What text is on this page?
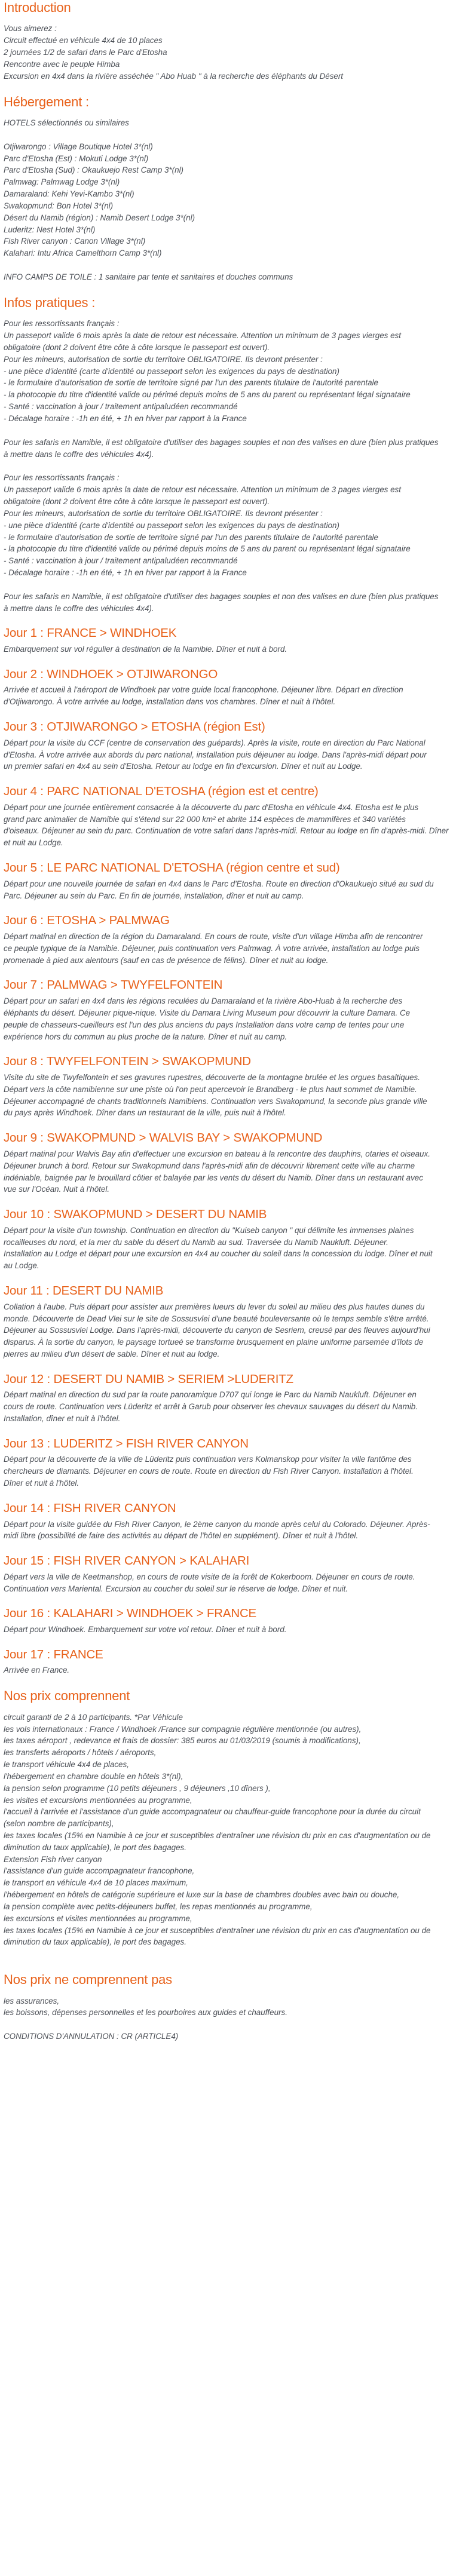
Introduction
Vous aimerez :
Circuit effectué en véhicule 4x4 de 10 places
2 journées 1/2 de safari dans le Parc d'Etosha
Rencontre avec le peuple Himba
Excursion en 4x4 dans la rivière asséchée " Abo Huab " à la recherche des éléphants du Désert
Hébergement :
HOTELS sélectionnés ou similaires
Otjiwarongo : Village Boutique Hotel 3*(nl)
Parc d'Etosha (Est) : Mokuti Lodge 3*(nl)
Parc d'Etosha (Sud) : Okaukuejo Rest Camp 3*(nl)
Palmwag: Palmwag Lodge 3*(nl)
Damaraland: Kehi Yevi-Kambo 3*(nl)
Swakopmund: Bon Hotel 3*(nl)
Désert du Namib (région) : Namib Desert Lodge 3*(nl)
Luderitz: Nest Hotel 3*(nl)
Fish River canyon : Canon Village 3*(nl)
Kalahari: Intu Africa Camelthorn Camp 3*(nl)
INFO CAMPS DE TOILE : 1 sanitaire par tente et sanitaires et douches communs
Infos pratiques :
Pour les ressortissants français :
Un passeport valide 6 mois après la date de retour est nécessaire. Attention un minimum de 3 pages vierges est
obligatoire (dont 2 doivent être côte à côte lorsque le passeport est ouvert).
Pour les mineurs, autorisation de sortie du territoire OBLIGATOIRE. Ils devront présenter :
- une pièce d'identité (carte d'identité ou passeport selon les exigences du pays de destination)
- le formulaire d'autorisation de sortie de territoire signé par l'un des parents titulaire de l'autorité parentale
- la photocopie du titre d'identité valide ou périmé depuis moins de 5 ans du parent ou représentant légal signataire
- Santé : vaccination à jour / traitement antipaludéen recommandé
- Décalage horaire : -1h en été, + 1h en hiver par rapport à la France
Pour les safaris en Namibie, il est obligatoire d'utiliser des bagages souples et non des valises en dure (bien plus pratiques
à mettre dans le coffre des véhicules 4x4).
Pour les ressortissants français :
Un passeport valide 6 mois après la date de retour est nécessaire. Attention un minimum de 3 pages vierges est
obligatoire (dont 2 doivent être côte à côte lorsque le passeport est ouvert).
Pour les mineurs, autorisation de sortie du territoire OBLIGATOIRE. Ils devront présenter :
- une pièce d'identité (carte d'identité ou passeport selon les exigences du pays de destination)
- le formulaire d'autorisation de sortie de territoire signé par l'un des parents titulaire de l'autorité parentale
- la photocopie du titre d'identité valide ou périmé depuis moins de 5 ans du parent ou représentant légal signataire
- Santé : vaccination à jour / traitement antipaludéen recommandé
- Décalage horaire : -1h en été, + 1h en hiver par rapport à la France
Pour les safaris en Namibie, il est obligatoire d'utiliser des bagages souples et non des valises en dure (bien plus pratiques
à mettre dans le coffre des véhicules 4x4).
Jour 1 : FRANCE > WINDHOEK
Embarquement sur vol régulier à destination de la Namibie. Dîner et nuit à bord.
Jour 2 : WINDHOEK > OTJIWARONGO
Arrivée et accueil à l'aéroport de Windhoek par votre guide local francophone. Déjeuner libre. Départ en direction
d'Otjiwarongo. À votre arrivée au lodge, installation dans vos chambres. Dîner et nuit à l'hôtel.
Jour 3 : OTJIWARONGO > ETOSHA (région Est)
Départ pour la visite du CCF (centre de conservation des guépards). Après la visite, route en direction du Parc National
d'Etosha. À votre arrivée aux abords du parc national, installation puis déjeuner au lodge. Dans l'après-midi départ pour
un premier safari en 4x4 au sein d'Etosha. Retour au lodge en fin d'excursion. Dîner et nuit au Lodge.
Jour 4 : PARC NATIONAL D'ETOSHA (région est et centre)
Départ pour une journée entièrement consacrée à la découverte du parc d'Etosha en véhicule 4x4. Etosha est le plus
grand parc animalier de Namibie qui s'étend sur 22 000 km² et abrite 114 espèces de mammifères et 340 variétés
d'oiseaux. Déjeuner au sein du parc. Continuation de votre safari dans l'après-midi. Retour au lodge en fin d'après-midi. Dîner et nuit au Lodge.
Jour 5 : LE PARC NATIONAL D'ETOSHA (région centre et sud)
Départ pour une nouvelle journée de safari en 4x4 dans le Parc d'Etosha. Route en direction d'Okaukuejo situé au sud du
Parc. Déjeuner au sein du Parc. En fin de journée, installation, dîner et nuit au camp.
Jour 6 : ETOSHA > PALMWAG
Départ matinal en direction de la région du Damaraland. En cours de route, visite d'un village Himba afin de rencontrer
ce peuple typique de la Namibie. Déjeuner, puis continuation vers Palmwag. À votre arrivée, installation au lodge puis
promenade à pied aux alentours (sauf en cas de présence de félins). Dîner et nuit au lodge.
Jour 7 : PALMWAG > TWYFELFONTEIN
Départ pour un safari en 4x4 dans les régions reculées du Damaraland et la rivière Abo-Huab à la recherche des
éléphants du désert. Déjeuner pique-nique. Visite du Damara Living Museum pour découvrir la culture Damara. Ce
peuple de chasseurs-cueilleurs est l'un des plus anciens du pays Installation dans votre camp de tentes pour une
expérience hors du commun au plus proche de la nature. Dîner et nuit au camp.
Jour 8 : TWYFELFONTEIN > SWAKOPMUND
Visite du site de Twyfelfontein et ses gravures rupestres, découverte de la montagne brulée et les orgues basaltiques.
Départ vers la côte namibienne sur une piste où l'on peut apercevoir le Brandberg - le plus haut sommet de Namibie.
Déjeuner accompagné de chants traditionnels Namibiens. Continuation vers Swakopmund, la seconde plus grande ville
du pays après Windhoek. Dîner dans un restaurant de la ville, puis nuit à l'hôtel.
Jour 9 : SWAKOPMUND > WALVIS BAY > SWAKOPMUND
Départ matinal pour Walvis Bay afin d'effectuer une excursion en bateau à la rencontre des dauphins, otaries et oiseaux.
Déjeuner brunch à bord. Retour sur Swakopmund dans l'après-midi afin de découvrir librement cette ville au charme
indéniable, baignée par le brouillard côtier et balayée par les vents du désert du Namib. Dîner dans un restaurant avec
vue sur l'Océan. Nuit à l'hôtel.
Jour 10 : SWAKOPMUND > DESERT DU NAMIB
Départ pour la visite d'un township. Continuation en direction du "Kuiseb canyon " qui délimite les immenses plaines
rocailleuses du nord, et la mer du sable du désert du Namib au sud. Traversée du Namib Naukluft. Déjeuner.
Installation au Lodge et départ pour une excursion en 4x4 au coucher du soleil dans la concession du lodge. Dîner et nuit
au Lodge.
Jour 11 : DESERT DU NAMIB
Collation à l'aube. Puis départ pour assister aux premières lueurs du lever du soleil au milieu des plus hautes dunes du
monde. Découverte de Dead Vlei sur le site de Sossusvlei d'une beauté bouleversante où le temps semble s'être arrêté.
Déjeuner au Sossusvlei Lodge. Dans l'après-midi, découverte du canyon de Sesriem, creusé par des fleuves aujourd'hui
disparus. À la sortie du canyon, le paysage tortueé se transforme brusquement en plaine uniforme parsemée d'îlots de
pierres au milieu d'un désert de sable. Dîner et nuit au lodge.
Jour 12 : DESERT DU NAMIB > SERIEM >LUDERITZ
Départ matinal en direction du sud par la route panoramique D707 qui longe le Parc du Namib Naukluft. Déjeuner en
cours de route. Continuation vers Lüderitz et arrêt à Garub pour observer les chevaux sauvages du désert du Namib.
Installation, dîner et nuit à l'hôtel.
Jour 13 : LUDERITZ > FISH RIVER CANYON
Départ pour la découverte de la ville de Lüderitz puis continuation vers Kolmanskop pour visiter la ville fantôme des
chercheurs de diamants. Déjeuner en cours de route. Route en direction du Fish River Canyon. Installation à l'hôtel.
Dîner et nuit à l'hôtel.
Jour 14 : FISH RIVER CANYON
Départ pour la visite guidée du Fish River Canyon, le 2ème canyon du monde après celui du Colorado. Déjeuner. Après-
midi libre (possibilité de faire des activités au départ de l'hôtel en supplément). Dîner et nuit à l'hôtel.
Jour 15 : FISH RIVER CANYON > KALAHARI
Départ vers la ville de Keetmanshop, en cours de route visite de la forêt de Kokerboom. Déjeuner en cours de route.
Continuation vers Mariental. Excursion au coucher du soleil sur le réserve de lodge. Dîner et nuit.
Jour 16 : KALAHARI > WINDHOEK > FRANCE
Départ pour Windhoek. Embarquement sur votre vol retour. Dîner et nuit à bord.
Jour 17 : FRANCE
Arrivée en France.
Nos prix comprennent
circuit garanti de 2 à 10 participants. *Par Véhicule
les vols internationaux : France / Windhoek /France sur compagnie régulière mentionnée (ou autres),
les taxes aéroport , redevance et frais de dossier: 385 euros au 01/03/2019 (soumis à modifications),
les transferts aéroports / hôtels / aéroports,
le transport véhicule 4x4 de places,
l'hébergement en chambre double en hôtels 3*(nl),
la pension selon programme (10 petits déjeuners , 9 déjeuners ,10 dîners ),
les visites et excursions mentionnées au programme,
l'accueil à l'arrivée et l'assistance d'un guide accompagnateur ou chauffeur-guide francophone pour la durée du circuit
(selon nombre de participants),
les taxes locales (15% en Namibie à ce jour et susceptibles d'entraîner une révision du prix en cas d'augmentation ou de
diminution du taux applicable), le port des bagages.
Extension Fish river canyon
l'assistance d'un guide accompagnateur francophone,
le transport en véhicule 4x4 de 10 places maximum,
l'hébergement en hôtels de catégorie supérieure et luxe sur la base de chambres doubles avec bain ou douche,
la pension complète avec petits-déjeuners buffet, les repas mentionnés au programme,
les excursions et visites mentionnées au programme,
les taxes locales (15% en Namibie à ce jour et susceptibles d'entraîner une révision du prix en cas d'augmentation ou de
diminution du taux applicable), le port des bagages.
Nos prix ne comprennent pas
les assurances,
les boissons, dépenses personnelles et les pourboires aux guides et chauffeurs.
CONDITIONS D'ANNULATION : CR (ARTICLE4)
